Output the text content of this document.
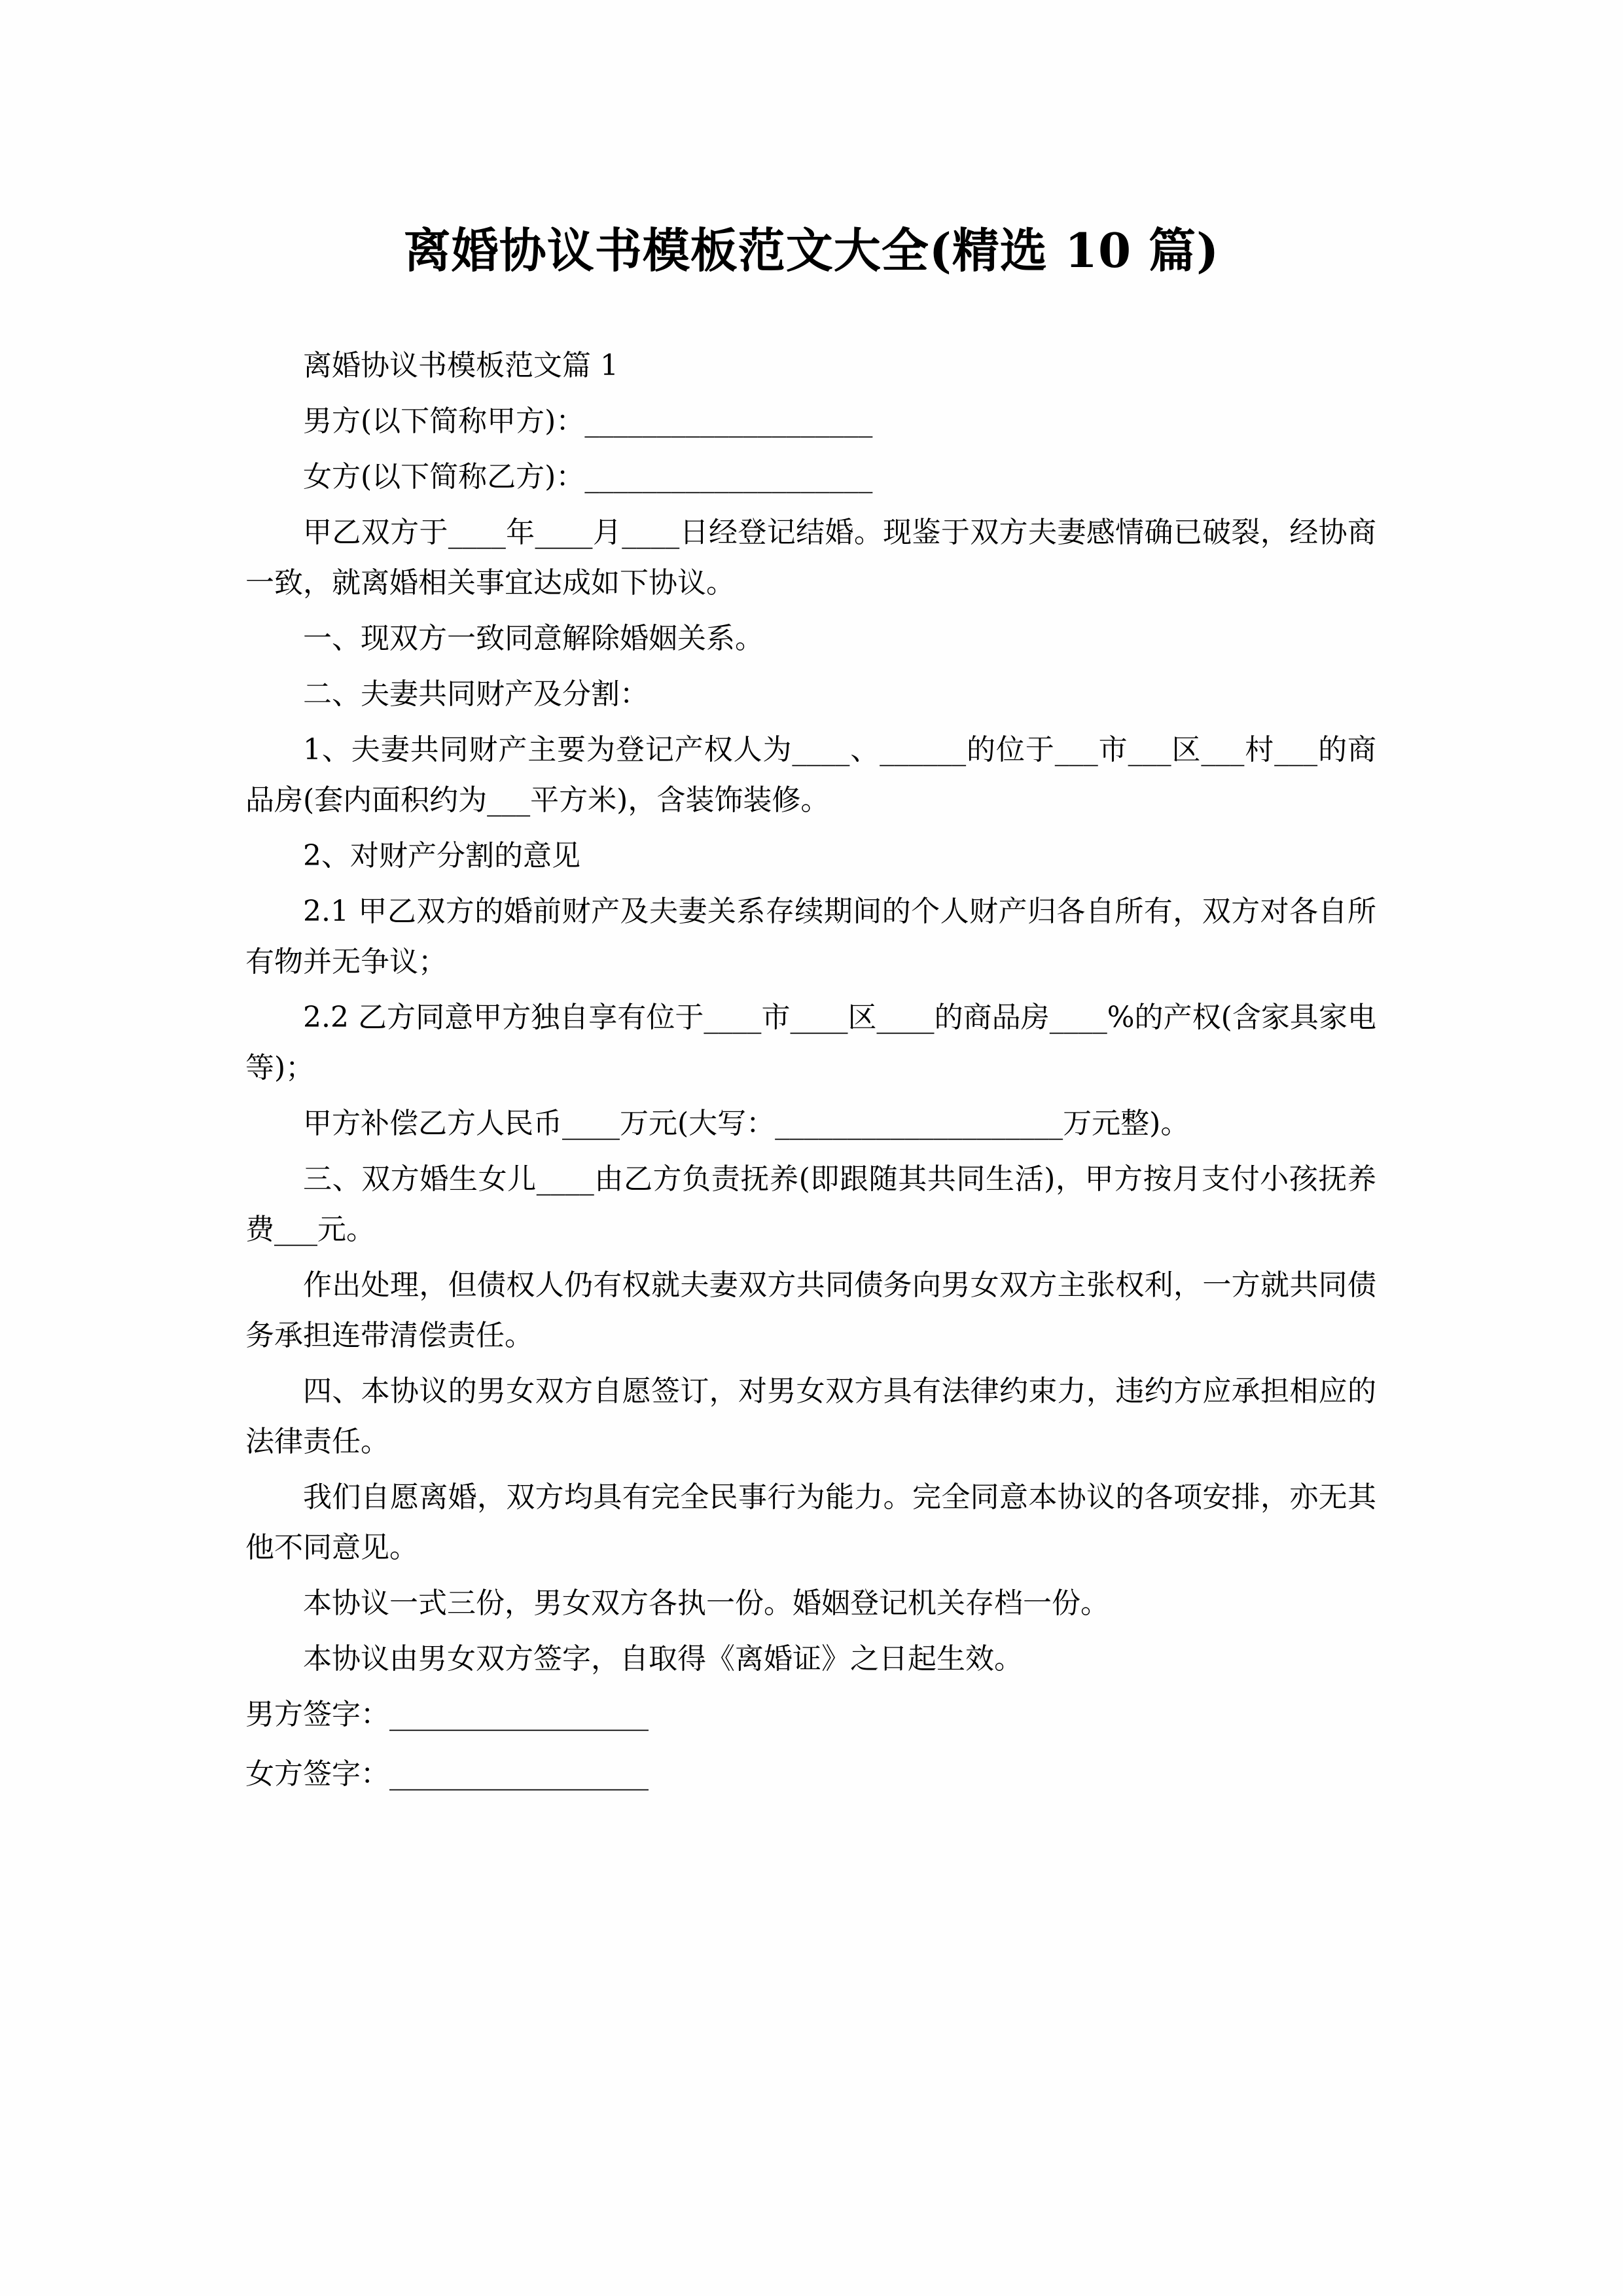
离婚协议书模板范文大全(精选 10 篇)

离婚协议书模板范文篇 1

男方(以下简称甲方)：____________________

女方(以下简称乙方)：____________________

甲乙双方于____年____月____日经登记结婚。现鉴于双方夫妻感情确已破裂，经协商一致，就离婚相关事宜达成如下协议。

一、现双方一致同意解除婚姻关系。

二、夫妻共同财产及分割：

1、夫妻共同财产主要为登记产权人为____、______的位于___市___区___村___的商品房(套内面积约为___平方米)，含装饰装修。

2、对财产分割的意见

2.1 甲乙双方的婚前财产及夫妻关系存续期间的个人财产归各自所有，双方对各自所有物并无争议；

2.2 乙方同意甲方独自享有位于____市____区____的商品房____%的产权(含家具家电等)；

甲方补偿乙方人民币____万元(大写：____________________万元整)。

三、双方婚生女儿____由乙方负责抚养(即跟随其共同生活)，甲方按月支付小孩抚养费___元。

作出处理，但债权人仍有权就夫妻双方共同债务向男女双方主张权利，一方就共同债务承担连带清偿责任。

四、本协议的男女双方自愿签订，对男女双方具有法律约束力，违约方应承担相应的法律责任。

我们自愿离婚，双方均具有完全民事行为能力。完全同意本协议的各项安排，亦无其他不同意见。

本协议一式三份，男女双方各执一份。婚姻登记机关存档一份。

本协议由男女双方签字，自取得《离婚证》之日起生效。

男方签字：__________________

女方签字：__________________
